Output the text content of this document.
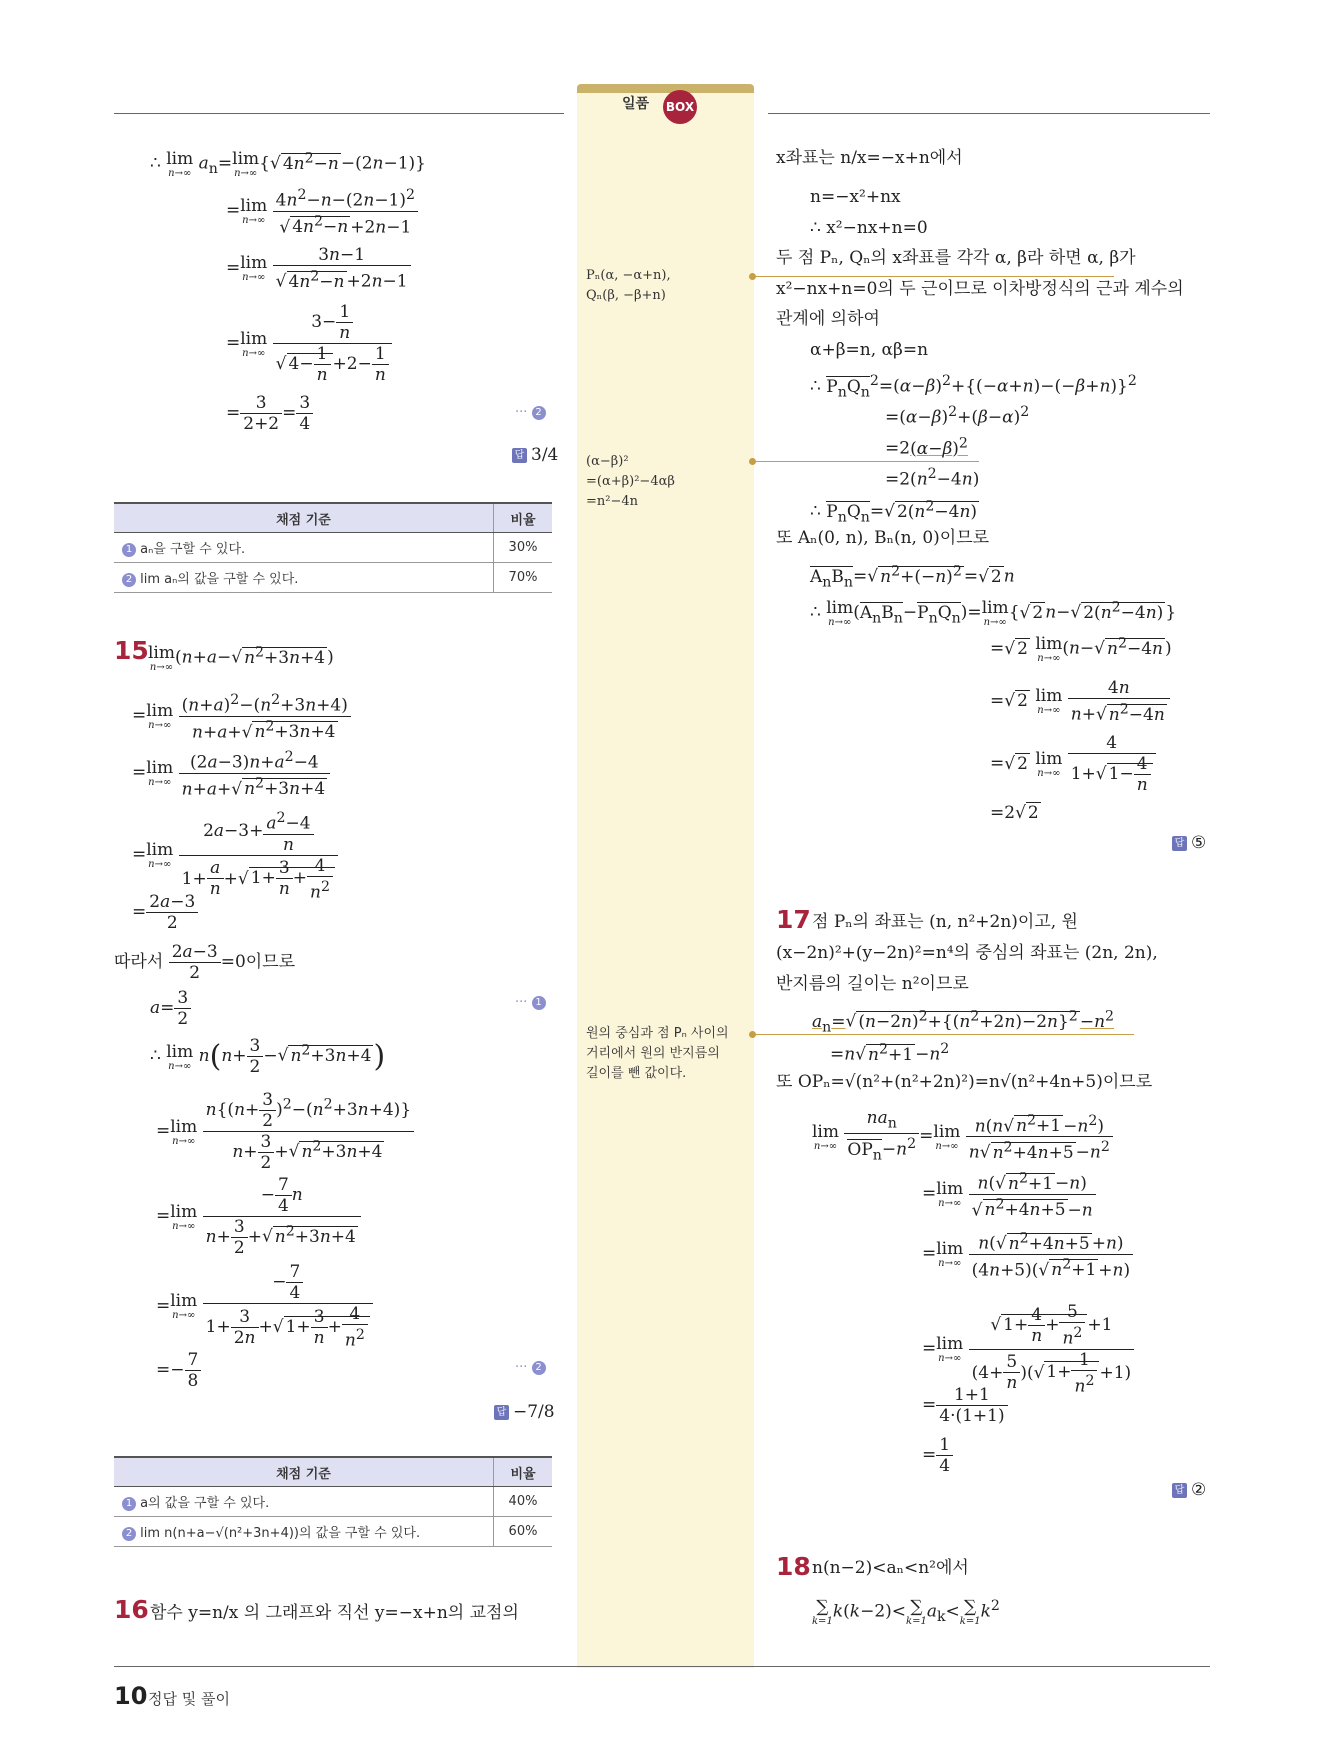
일품 BOX
∴ lim
n→∞ $a_n=\lim$
n→∞ {√ $4n^2-n -(2n-1)$}
=lim
n→∞
$\frac{4n^2-n-(2n-1)^2}{√ 4n^2-n +2n-1}$
=lim
n→∞
$\frac{3n-1}{√ 4n^2-n +2n-1}$
=lim
n→∞
$\frac{3- \frac{1}{n}}{√ 4- \frac{1}{n} +2- \frac{1}{n}}$
= $\frac{3}{2+2} = \frac{3}{4}$	··· 2
답 3/4
채점 기준	비율
1 aₙ을 구할 수 있다.	30%
2 lim aₙ의 값을 구할 수 있다.	70%
15 lim
n→∞ (n+a−√ $n^2+3n+4$ )
=lim
n→∞
$\frac{(n+a)^2-(n^2+3n+4)}{n+a+√ n^2+3n+4}$
=lim
n→∞
$\frac{(2a-3)n+a^2-4}{n+a+√ n^2+3n+4}$
=lim
n→∞
$\frac{2a-3+ \frac{a^2-4}{n}}{1+ \frac{a}{n} +√ 1+ \frac{3}{n} + \frac{4}{n^2}}$
= $\frac{2a-3}{2}$
따라서 $\frac{2a-3}{2} =0$이므로
$a= \frac{3}{2}$	··· 1
∴ lim
n→∞ $n(n+ \frac{3}{2}$ −√ $n^2+3n+4$)
=lim
n→∞
$\frac{n\{(n+ \frac{3}{2} )^2-(n^2+3n+4)\}}{n+ \frac{3}{2} +√ n^2+3n+4}$
=lim
n→∞
$\frac{- \frac{7}{4} n}{n+ \frac{3}{2} +√ n^2+3n+4}$
=lim
n→∞
$\frac{- \frac{7}{4}}{1+ \frac{3}{2n} +√ 1+ \frac{3}{n} + \frac{4}{n^2}}$
=− $\frac{7}{8}$	··· 2
답 −7/8
채점 기준	비율
1 a의 값을 구할 수 있다.	40%
2 lim n(n+a−√(n²+3n+4))의 값을 구할 수 있다.	60%
16 함수 y=n/x 의 그래프와 직선 y=−x+n의 교점의
Pₙ(α, −α+n),
Qₙ(β, −β+n)
(α−β)²
=(α+β)²−4αβ
=n²−4n
원의 중심과 점 Pₙ 사이의
거리에서 원의 반지름의
길이를 뺀 값이다.
x좌표는 n/x=−x+n에서
n=−x²+nx
∴ x²−nx+n=0
두 점 Pₙ, Qₙ의 x좌표를 각각 α, β라 하면 α, β가
x²−nx+n=0의 두 근이므로 이차방정식의 근과 계수의
관계에 의하여
α+β=n, αβ=n
∴ $P_nQ_n^2=(\alpha-\beta)^2+\{(-\alpha+n)-(-\beta+n)\}^2$
$=(\alpha-\beta)^2+(\beta-\alpha)^2$
$=2(\alpha-\beta)^2$
$=2(n^2-4n)$
∴ $P_nQ_n=√$ $2(n^2-4n)$
또 Aₙ(0, n), Bₙ(n, 0)이므로
$A_nB_n=√$ $n^2+(-n)^2$ =√ 2 n
∴ lim
n→∞ $(A_nB_n-P_nQ_n)=\lim$
n→∞ {√ 2 n−√ $2(n^2-4n)$ }
=√ 2 lim
n→∞ (n−√ $n^2-4n$ )
=√ 2 lim
n→∞
$\frac{4n}{n+√ n^2-4n}$
=√ 2 lim
n→∞
$\frac{4}{1+√ 1- \frac{4}{n}}$
=2√ 2
답 ⑤
17 점 Pₙ의 좌표는 (n, n²+2n)이고, 원
(x−2n)²+(y−2n)²=n⁴의 중심의 좌표는 (2n, 2n),
반지름의 길이는 n²이므로
$a_n=√$ $(n-2n)^2+\{(n^2+2n)-2n\}^2 -n^2$
=n√ $n^2+1 -n^2$
또 OPₙ=√(n²+(n²+2n)²)=n√(n²+4n+5)이므로
lim
n→∞
$\frac{na_n}{OP_n-n^2} =\lim$
n→∞
$\frac{n(n√ n^2+1 -n^2)}{n√ n^2+4n+5 -n^2}$
=lim
n→∞
$\frac{n(√ n^2+1 -n)}{√ n^2+4n+5 -n}$
=lim
n→∞
$\frac{n(√ n^2+4n+5 +n)}{(4n+5)(√ n^2+1 +n)}$
=lim
n→∞
$\frac{√ 1+ \frac{4}{n} + \frac{5}{n^2} +1}{(4+ \frac{5}{n} )(√ 1+ \frac{1}{n^2} +1)}$
= $\frac{1+1}{4\cdot(1+1)}$
= $\frac{1}{4}$
답 ②
18 n(n−2)<aₙ<n²에서
∑
k=1 k(k−2)< ∑
k=1 $a_k<$ ∑
k=1 $k^2$
10 정답 및 풀이
